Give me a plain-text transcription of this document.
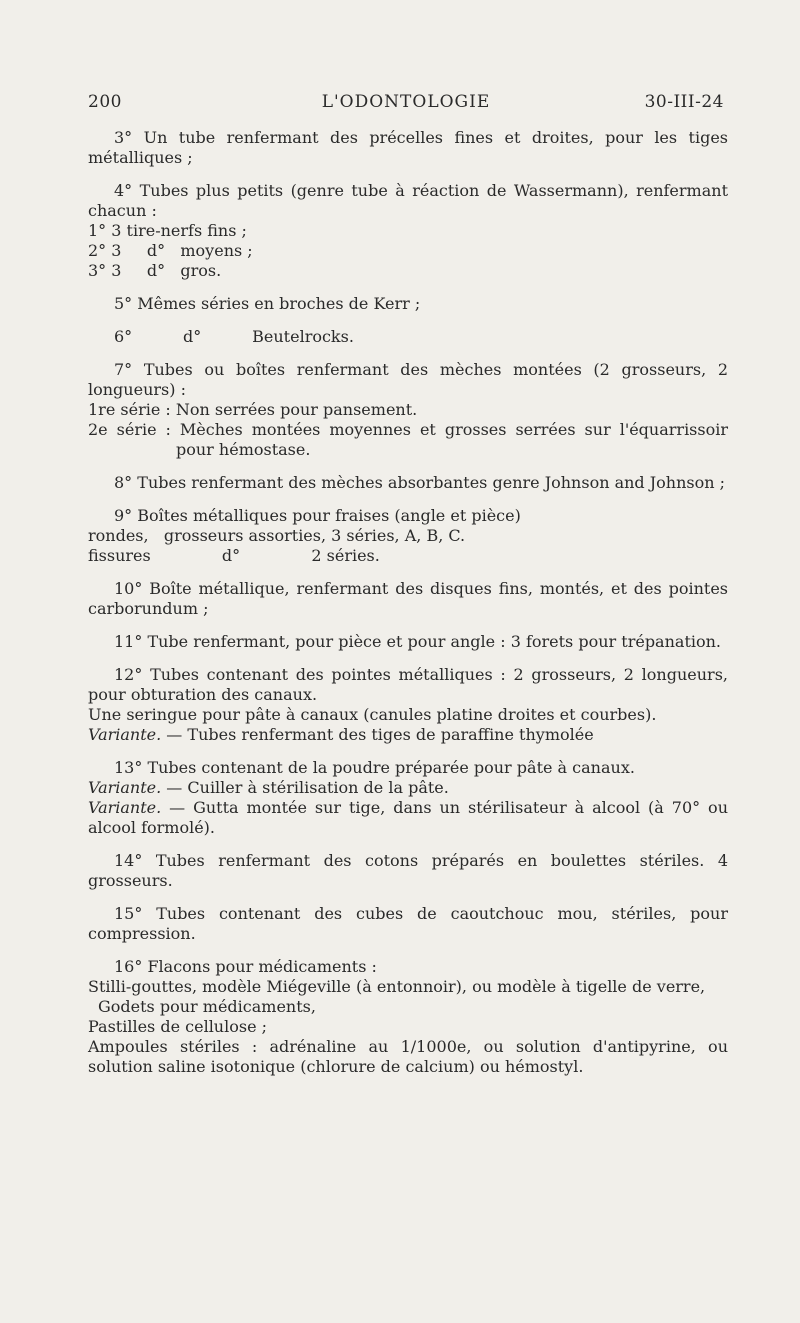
200	L'ODONTOLOGIE	30-III-24

3° Un tube renfermant des précelles fines et droites, pour les tiges métalliques ;

4° Tubes plus petits (genre tube à réaction de Wassermann), renfermant chacun :

1° 3 tire-nerfs fins ;

2° 3     d°   moyens ;

3° 3     d°   gros.

5° Mêmes séries en broches de Kerr ;

6°          d°          Beutelrocks.

7° Tubes ou boîtes renfermant des mèches montées (2 grosseurs, 2 longueurs) :

1re série : Non serrées pour pansement.

2e série : Mèches montées moyennes et grosses serrées sur l'équarrissoir pour hémostase.

8° Tubes renfermant des mèches absorbantes genre Johnson and Johnson ;

9° Boîtes métalliques pour fraises (angle et pièce)

rondes,   grosseurs assorties, 3 séries, A, B, C.

fissures              d°              2 séries.

10° Boîte métallique, renfermant des disques fins, montés, et des pointes carborundum ;

11° Tube renfermant, pour pièce et pour angle : 3 forets pour trépanation.

12° Tubes contenant des pointes métalliques : 2 grosseurs, 2 longueurs, pour obturation des canaux.

Une seringue pour pâte à canaux (canules platine droites et courbes).

Variante. — Tubes renfermant des tiges de paraffine thymolée

13° Tubes contenant de la poudre préparée pour pâte à canaux.

Variante. — Cuiller à stérilisation de la pâte.

Variante. — Gutta montée sur tige, dans un stérilisateur à alcool (à 70° ou alcool formolé).

14° Tubes renfermant des cotons préparés en boulettes stériles. 4 grosseurs.

15° Tubes contenant des cubes de caoutchouc mou, stériles, pour compression.

16° Flacons pour médicaments :

Stilli-gouttes, modèle Miégeville (à entonnoir), ou modèle à tigelle de verre,

Godets pour médicaments,

Pastilles de cellulose ;

Ampoules stériles : adrénaline au 1/1000e, ou solution d'antipyrine, ou solution saline isotonique (chlorure de calcium) ou hémostyl.
